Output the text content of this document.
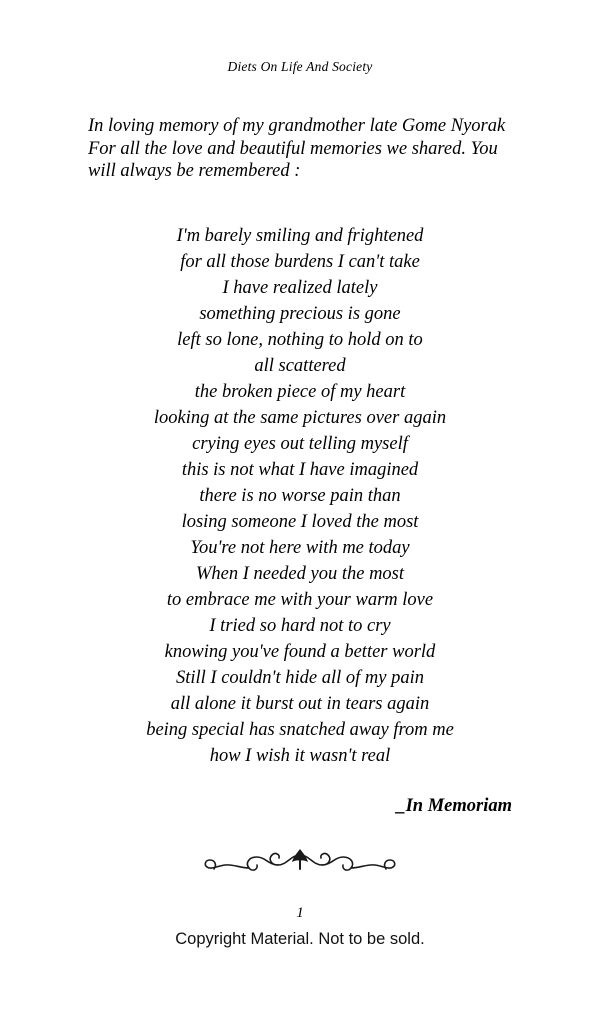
Diets On Life And Society
In loving memory of my grandmother late Gome Nyorak For all the love and beautiful memories we shared. You will always be remembered :
I'm barely smiling and frightened
for all those burdens I can't take
I have realized lately
something precious is gone
left so lone, nothing to hold on to
all scattered
the broken piece of my heart
looking at the same pictures over again
crying eyes out telling myself
this is not what I have imagined
there is no worse pain than
losing someone I loved the most
You're not here with me today
When I needed you the most
to embrace me with your warm love
I tried so hard not to cry
knowing you've found a better world
Still I couldn't hide all of my pain
all alone it burst out in tears again
being special has snatched away from me
how I wish it wasn't real
_In Memoriam
1
Copyright Material. Not to be sold.
